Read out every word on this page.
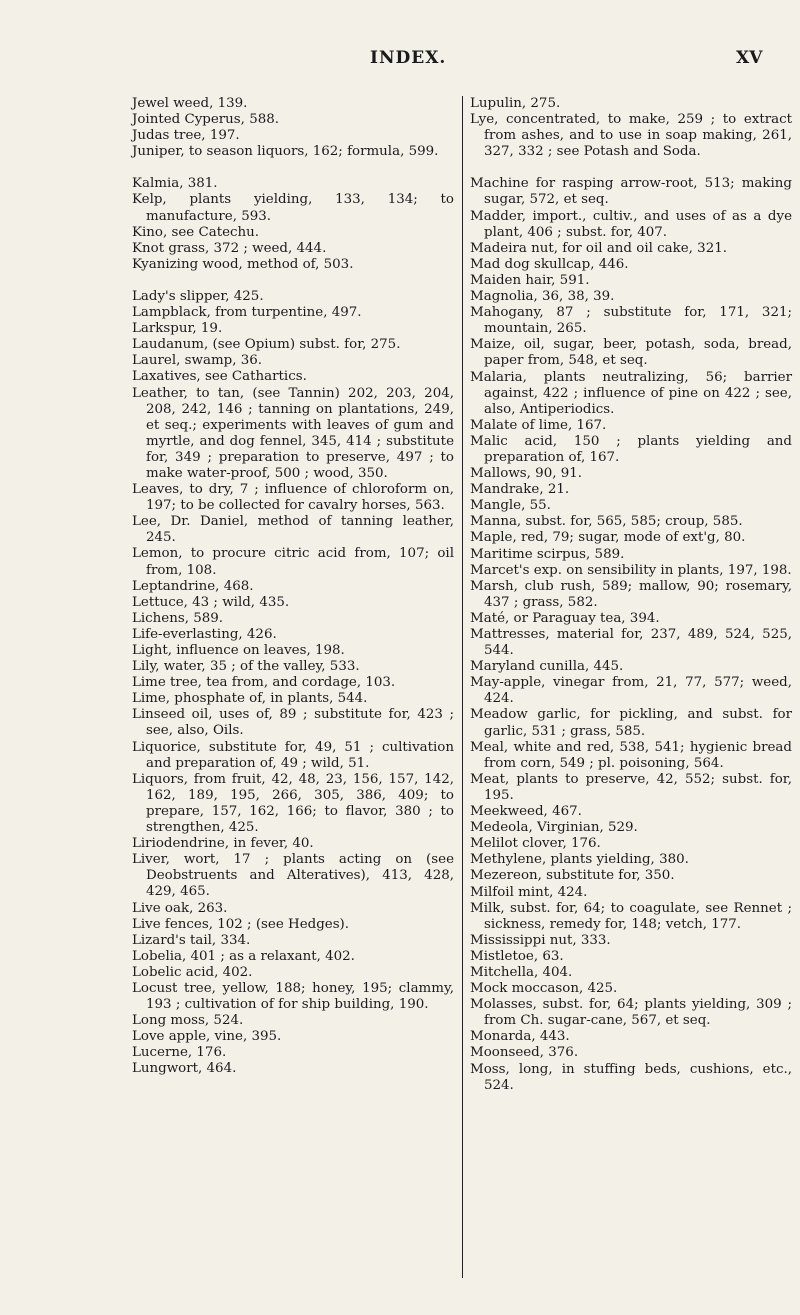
INDEX.	XV

Jewel weed, 139.

Jointed Cyperus, 588.

Judas tree, 197.

Juniper, to season liquors, 162; formula, 599.

Kalmia, 381.

Kelp, plants yielding, 133, 134; to manufacture, 593.

Kino, see Catechu.

Knot grass, 372 ; weed, 444.

Kyanizing wood, method of, 503.

Lady's slipper, 425.

Lampblack, from turpentine, 497.

Larkspur, 19.

Laudanum, (see Opium) subst. for, 275.

Laurel, swamp, 36.

Laxatives, see Cathartics.

Leather, to tan, (see Tannin) 202, 203, 204, 208, 242, 146 ; tanning on plantations, 249, et seq.; experiments with leaves of gum and myrtle, and dog fennel, 345, 414 ; substitute for, 349 ; preparation to preserve, 497 ; to make water-proof, 500 ; wood, 350.

Leaves, to dry, 7 ; influence of chloroform on, 197; to be collected for cavalry horses, 563.

Lee, Dr. Daniel, method of tanning leather, 245.

Lemon, to procure citric acid from, 107; oil from, 108.

Leptandrine, 468.

Lettuce, 43 ; wild, 435.

Lichens, 589.

Life-everlasting, 426.

Light, influence on leaves, 198.

Lily, water, 35 ; of the valley, 533.

Lime tree, tea from, and cordage, 103.

Lime, phosphate of, in plants, 544.

Linseed oil, uses of, 89 ; substitute for, 423 ; see, also, Oils.

Liquorice, substitute for, 49, 51 ; cultivation and preparation of, 49 ; wild, 51.

Liquors, from fruit, 42, 48, 23, 156, 157, 142, 162, 189, 195, 266, 305, 386, 409; to prepare, 157, 162, 166; to flavor, 380 ; to strengthen, 425.

Liriodendrine, in fever, 40.

Liver, wort, 17 ; plants acting on (see Deobstruents and Alteratives), 413, 428, 429, 465.

Live oak, 263.

Live fences, 102 ; (see Hedges).

Lizard's tail, 334.

Lobelia, 401 ; as a relaxant, 402.

Lobelic acid, 402.

Locust tree, yellow, 188; honey, 195; clammy, 193 ; cultivation of for ship building, 190.

Long moss, 524.

Love apple, vine, 395.

Lucerne, 176.

Lungwort, 464.

Lupulin, 275.

Lye, concentrated, to make, 259 ; to extract from ashes, and to use in soap making, 261, 327, 332 ; see Potash and Soda.

Machine for rasping arrow-root, 513; making sugar, 572, et seq.

Madder, import., cultiv., and uses of as a dye plant, 406 ; subst. for, 407.

Madeira nut, for oil and oil cake, 321.

Mad dog skullcap, 446.

Maiden hair, 591.

Magnolia, 36, 38, 39.

Mahogany, 87 ; substitute for, 171, 321; mountain, 265.

Maize, oil, sugar, beer, potash, soda, bread, paper from, 548, et seq.

Malaria, plants neutralizing, 56; barrier against, 422 ; influence of pine on 422 ; see, also, Antiperiodics.

Malate of lime, 167.

Malic acid, 150 ; plants yielding and preparation of, 167.

Mallows, 90, 91.

Mandrake, 21.

Mangle, 55.

Manna, subst. for, 565, 585; croup, 585.

Maple, red, 79; sugar, mode of ext'g, 80.

Maritime scirpus, 589.

Marcet's exp. on sensibility in plants, 197, 198.

Marsh, club rush, 589; mallow, 90; rosemary, 437 ; grass, 582.

Maté, or Paraguay tea, 394.

Mattresses, material for, 237, 489, 524, 525, 544.

Maryland cunilla, 445.

May-apple, vinegar from, 21, 77, 577; weed, 424.

Meadow garlic, for pickling, and subst. for garlic, 531 ; grass, 585.

Meal, white and red, 538, 541; hygienic bread from corn, 549 ; pl. poisoning, 564.

Meat, plants to preserve, 42, 552; subst. for, 195.

Meekweed, 467.

Medeola, Virginian, 529.

Melilot clover, 176.

Methylene, plants yielding, 380.

Mezereon, substitute for, 350.

Milfoil mint, 424.

Milk, subst. for, 64; to coagulate, see Rennet ; sickness, remedy for, 148; vetch, 177.

Mississippi nut, 333.

Mistletoe, 63.

Mitchella, 404.

Mock moccason, 425.

Molasses, subst. for, 64; plants yielding, 309 ; from Ch. sugar-cane, 567, et seq.

Monarda, 443.

Moonseed, 376.

Moss, long, in stuffing beds, cushions, etc., 524.
